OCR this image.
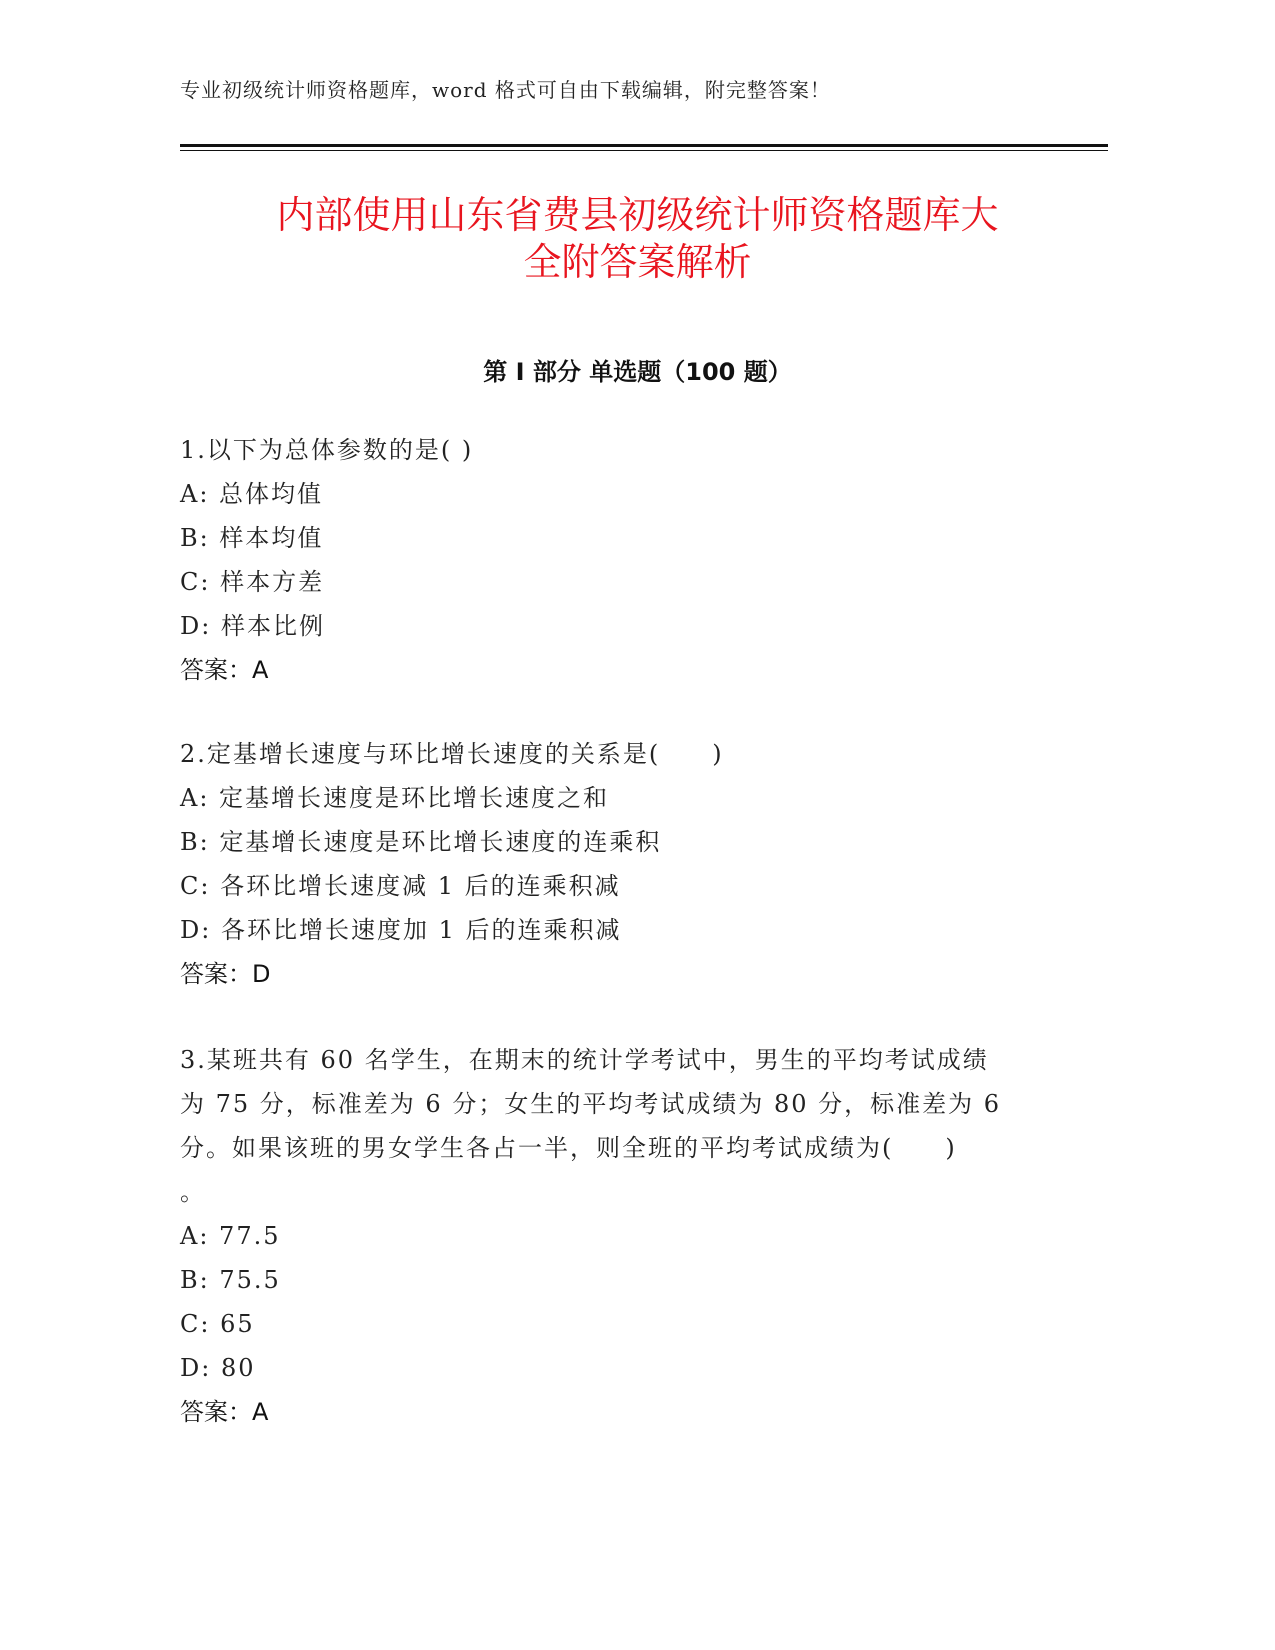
专业初级统计师资格题库，word 格式可自由下载编辑，附完整答案！
内部使用山东省费县初级统计师资格题库大
全附答案解析
第 I 部分 单选题（100 题）
1.以下为总体参数的是( )
A: 总体均值
B: 样本均值
C: 样本方差
D: 样本比例
答案：A
2.定基增长速度与环比增长速度的关系是(　　)
A: 定基增长速度是环比增长速度之和
B: 定基增长速度是环比增长速度的连乘积
C: 各环比增长速度减 1 后的连乘积减
D: 各环比增长速度加 1 后的连乘积减
答案：D
3.某班共有 60 名学生，在期末的统计学考试中，男生的平均考试成绩
为 75 分，标准差为 6 分；女生的平均考试成绩为 80 分，标准差为 6
分。如果该班的男女学生各占一半，则全班的平均考试成绩为(　　)
。
A: 77.5
B: 75.5
C: 65
D: 80
答案：A
